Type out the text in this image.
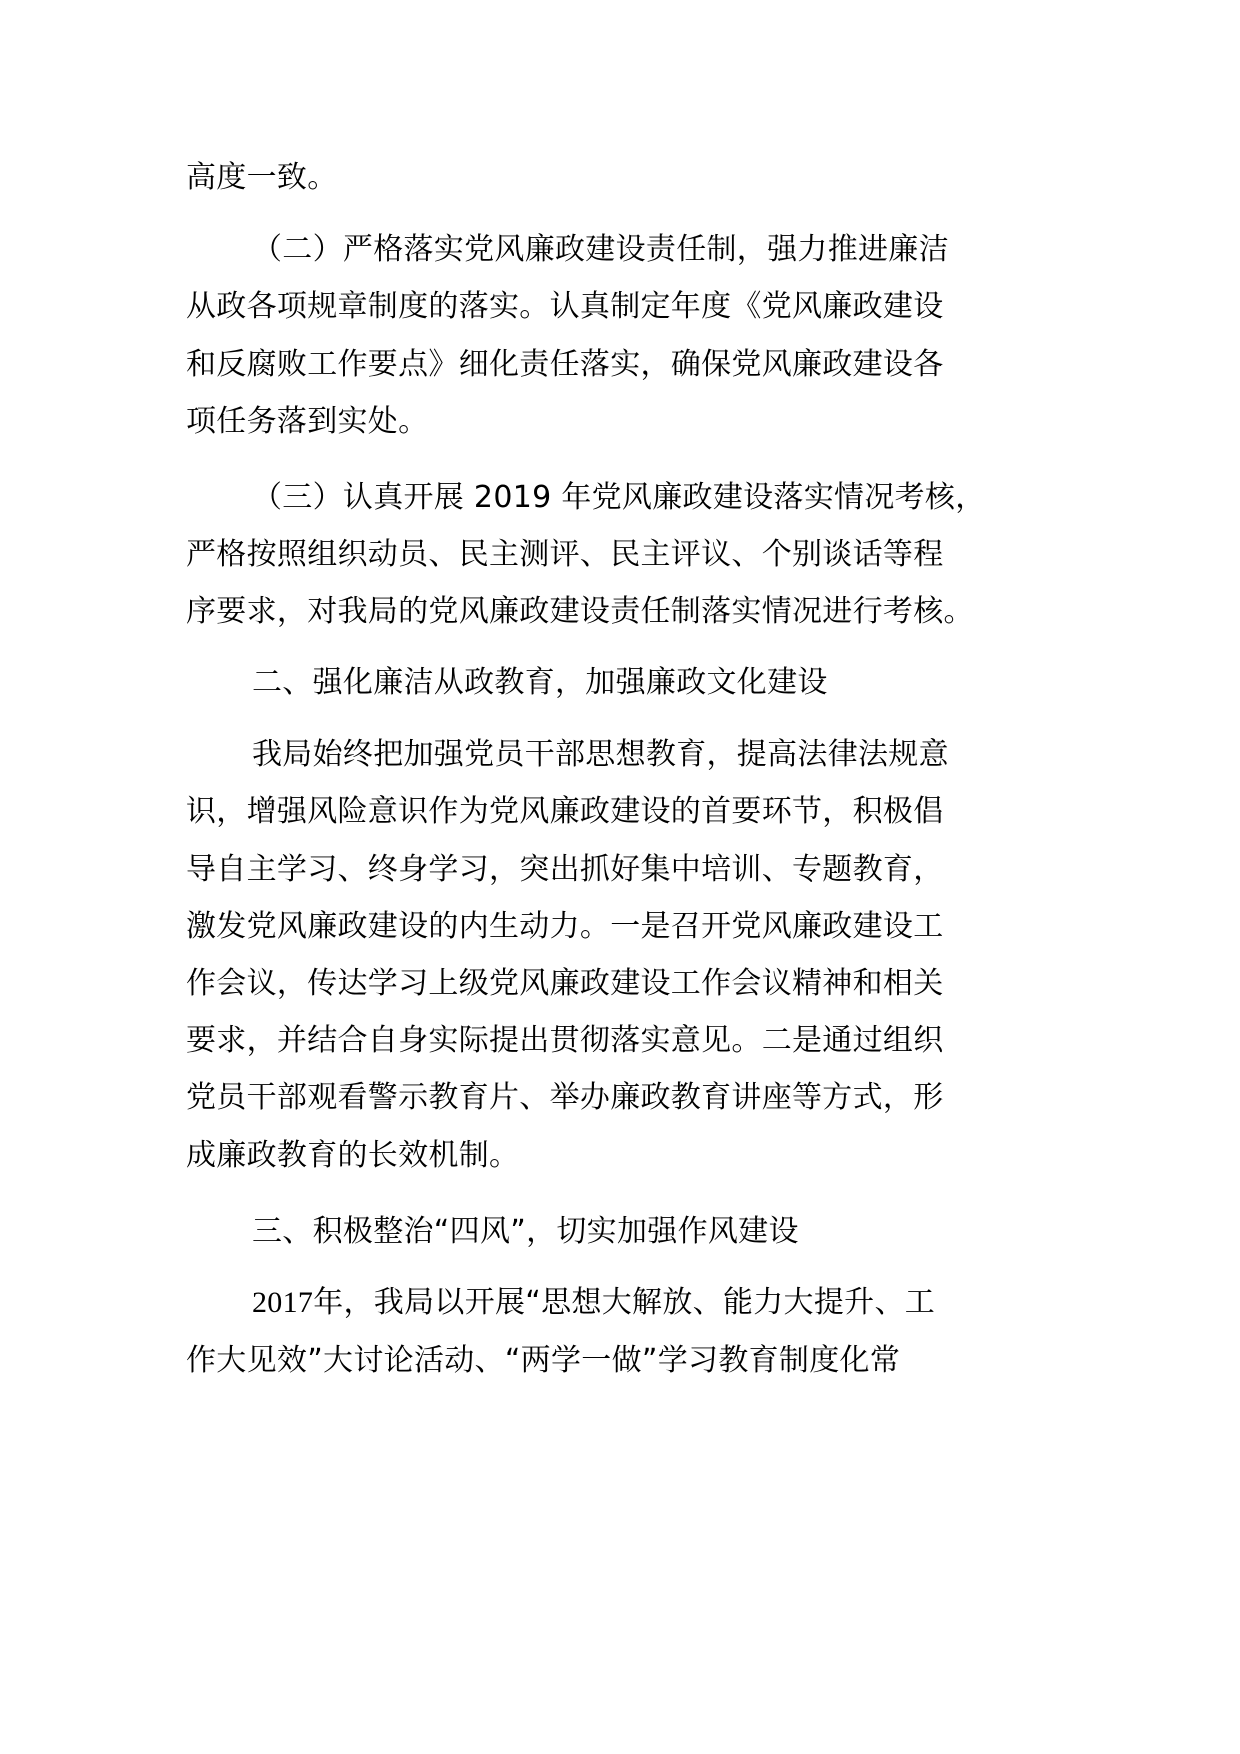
高度一致。

（二）严格落实党风廉政建设责任制，强力推进廉洁

从政各项规章制度的落实。认真制定年度《党风廉政建设

和反腐败工作要点》细化责任落实，确保党风廉政建设各

项任务落到实处。

（三）认真开展 2019 年党风廉政建设落实情况考核，

严格按照组织动员、民主测评、民主评议、个别谈话等程

序要求，对我局的党风廉政建设责任制落实情况进行考核。

二、强化廉洁从政教育，加强廉政文化建设

我局始终把加强党员干部思想教育，提高法律法规意

识，增强风险意识作为党风廉政建设的首要环节，积极倡

导自主学习、终身学习，突出抓好集中培训、专题教育，

激发党风廉政建设的内生动力。一是召开党风廉政建设工

作会议，传达学习上级党风廉政建设工作会议精神和相关

要求，并结合自身实际提出贯彻落实意见。二是通过组织

党员干部观看警示教育片、举办廉政教育讲座等方式，形

成廉政教育的长效机制。

三、积极整治“四风”，切实加强作风建设

2017年，我局以开展“思想大解放、能力大提升、工

作大见效”大讨论活动、“两学一做”学习教育制度化常
